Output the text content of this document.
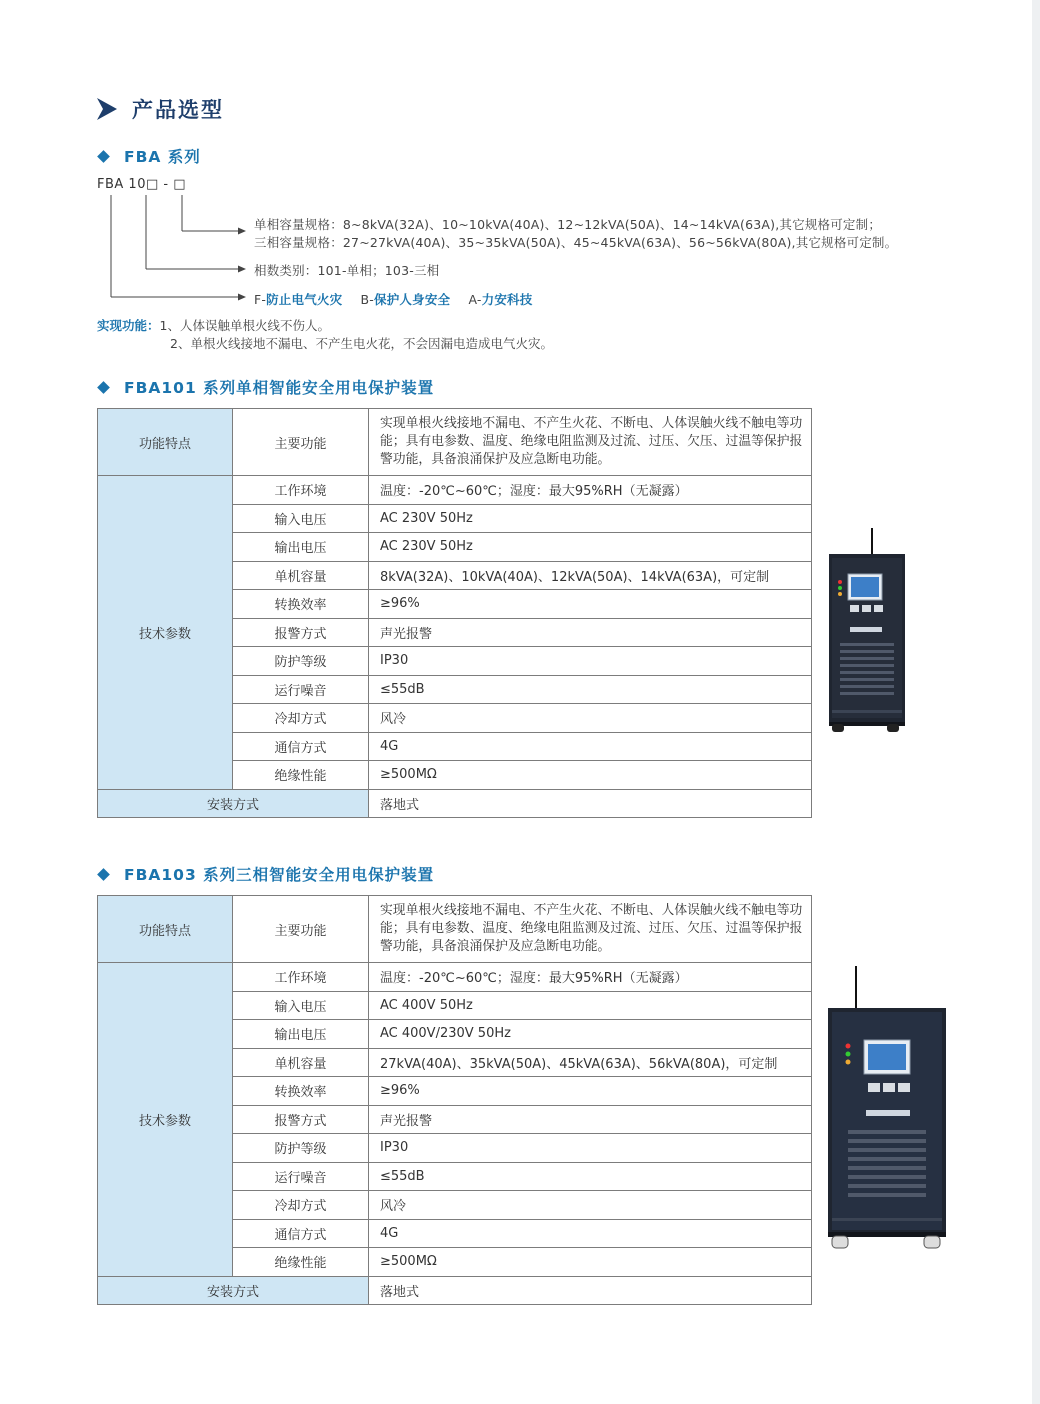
产品选型
FBA 系列
FBA 10□ - □
单相容量规格：8~8kVA(32A)、10~10kVA(40A)、12~12kVA(50A)、14~14kVA(63A),其它规格可定制；
三相容量规格：27~27kVA(40A)、35~35kVA(50A)、45~45kVA(63A)、56~56kVA(80A),其它规格可定制。
相数类别：101-单相；103-三相
F-防止电气火灾 B-保护人身安全 A-力安科技
实现功能：1、人体误触单根火线不伤人。
2、单根火线接地不漏电、不产生电火花，不会因漏电造成电气火灾。
FBA101 系列单相智能安全用电保护装置
功能特点	主要功能	实现单根火线接地不漏电、不产生火花、不断电、人体误触火线不触电等功能；具有电参数、温度、绝缘电阻监测及过流、过压、欠压、过温等保护报警功能，具备浪涌保护及应急断电功能。
技术参数	工作环境	温度：-20℃~60℃；湿度：最大95%RH（无凝露）
	输入电压	AC 230V 50Hz
	输出电压	AC 230V 50Hz
	单机容量	8kVA(32A)、10kVA(40A)、12kVA(50A)、14kVA(63A)，可定制
	转换效率	≥96%
	报警方式	声光报警
	防护等级	IP30
	运行噪音	≤55dB
	冷却方式	风冷
	通信方式	4G
	绝缘性能	≥500MΩ
安装方式		落地式
FBA103 系列三相智能安全用电保护装置
功能特点	主要功能	实现单根火线接地不漏电、不产生火花、不断电、人体误触火线不触电等功能；具有电参数、温度、绝缘电阻监测及过流、过压、欠压、过温等保护报警功能，具备浪涌保护及应急断电功能。
技术参数	工作环境	温度：-20℃~60℃；湿度：最大95%RH（无凝露）
	输入电压	AC 400V 50Hz
	输出电压	AC 400V/230V 50Hz
	单机容量	27kVA(40A)、35kVA(50A)、45kVA(63A)、56kVA(80A)，可定制
	转换效率	≥96%
	报警方式	声光报警
	防护等级	IP30
	运行噪音	≤55dB
	冷却方式	风冷
	通信方式	4G
	绝缘性能	≥500MΩ
安装方式		落地式
